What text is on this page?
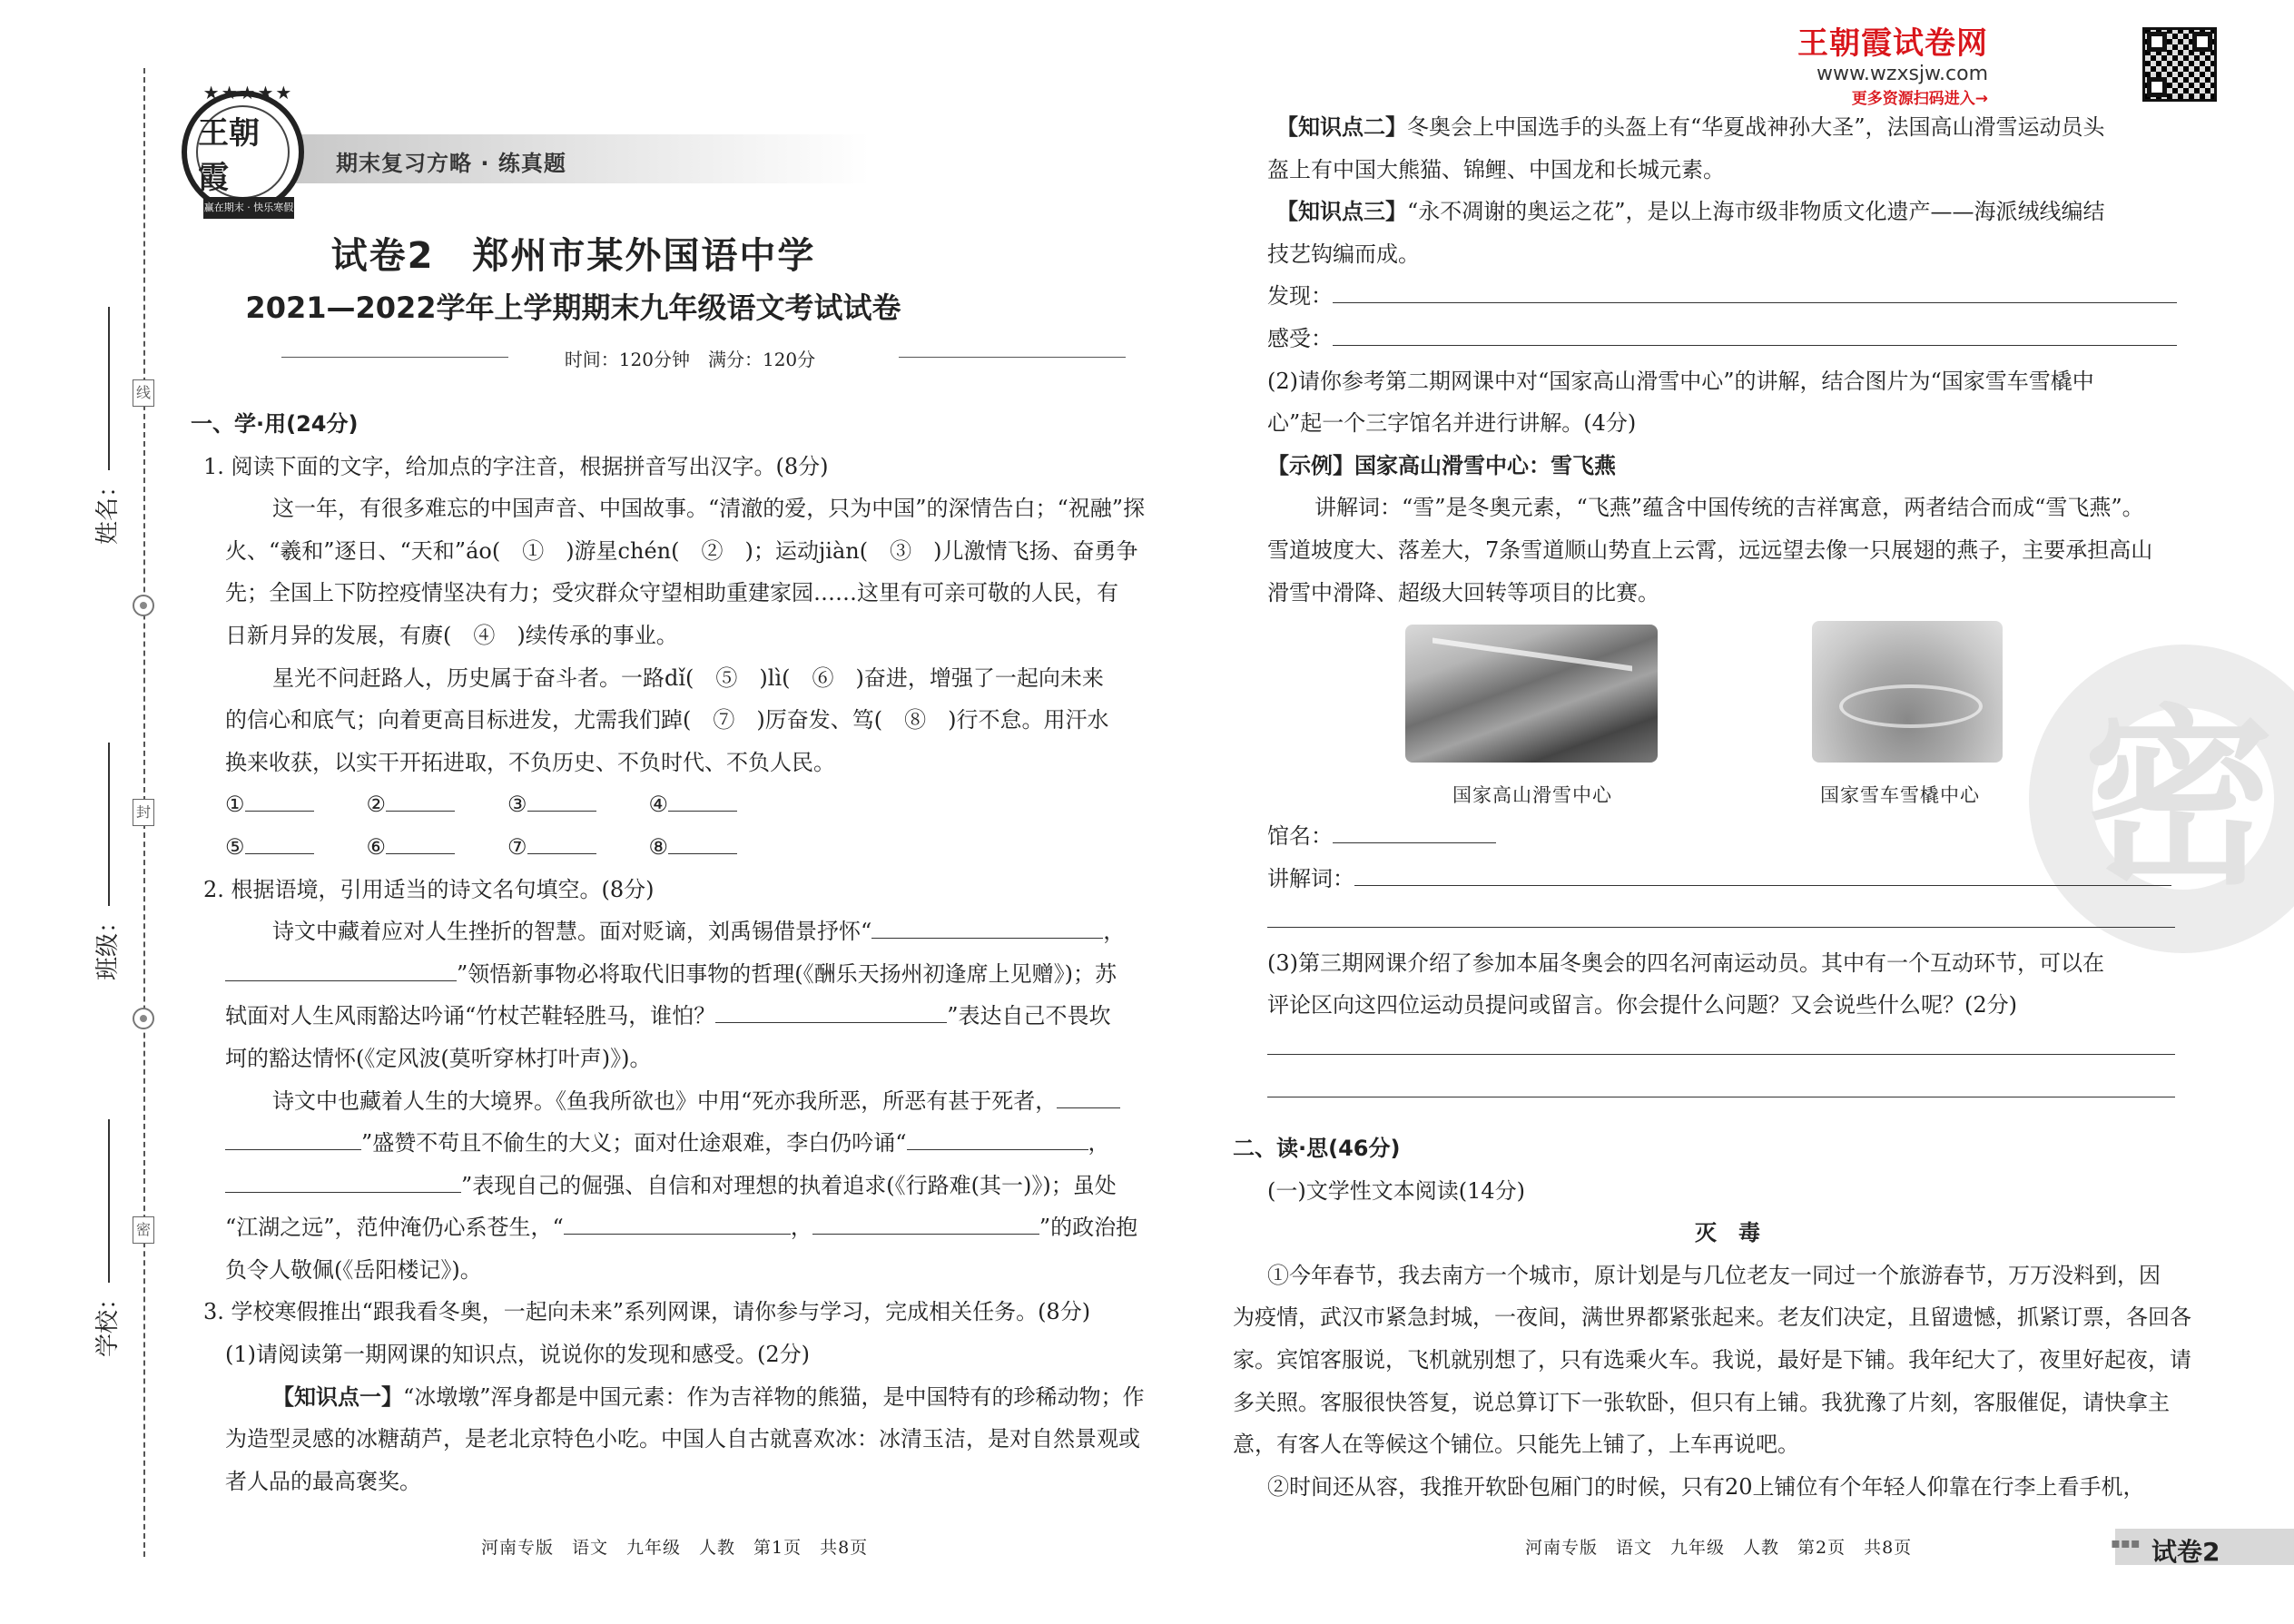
线
封
密
姓名：
班级：
学校：
期末复习方略 · 练真题
★★★★★
王朝霞
赢在期末 · 快乐寒假
试卷2　郑州市某外国语中学
2021—2022学年上学期期末九年级语文考试试卷
时间：120分钟　满分：120分

一、学·用(24分)

1. 阅读下面的文字，给加点的字注音，根据拼音写出汉字。(8分)

这一年，有很多难忘的中国声音、中国故事。“清澈的爱，只为中国”的深情告白；“祝融”探

火、“羲和”逐日、“天和”áo(　①　)游星chén(　②　)；运动jiàn(　③　)儿激情飞扬、奋勇争

先；全国上下防控疫情坚决有力；受灾群众守望相助重建家园……这里有可亲可敬的人民，有

日新月异的发展，有赓(　④　)续传承的事业。

星光不问赶路人，历史属于奋斗者。一路dǐ(　⑤　)lì(　⑥　)奋进，增强了一起向未来

的信心和底气；向着更高目标进发，尤需我们踔(　⑦　)厉奋发、笃(　⑧　)行不怠。用汗水

换来收获，以实干开拓进取，不负历史、不负时代、不负人民。

①	②	③	④

⑤	⑥	⑦	⑧

2. 根据语境，引用适当的诗文名句填空。(8分)

诗文中藏着应对人生挫折的智慧。面对贬谪，刘禹锡借景抒怀“	，

”领悟新事物必将取代旧事物的哲理(《酬乐天扬州初逢席上见赠》)；苏

轼面对人生风雨豁达吟诵“竹杖芒鞋轻胜马，谁怕？	”表达自己不畏坎

坷的豁达情怀(《定风波(莫听穿林打叶声)》)。

诗文中也藏着人生的大境界。《鱼我所欲也》中用“死亦我所恶，所恶有甚于死者，

”盛赞不苟且不偷生的大义；面对仕途艰难，李白仍吟诵“	，

”表现自己的倔强、自信和对理想的执着追求(《行路难(其一)》)；虽处

“江湖之远”，范仲淹仍心系苍生，“	，	”的政治抱

负令人敬佩(《岳阳楼记》)。

3. 学校寒假推出“跟我看冬奥，一起向未来”系列网课，请你参与学习，完成相关任务。(8分)

(1)请阅读第一期网课的知识点，说说你的发现和感受。(2分)

【知识点一】“冰墩墩”浑身都是中国元素：作为吉祥物的熊猫，是中国特有的珍稀动物；作

为造型灵感的冰糖葫芦，是老北京特色小吃。中国人自古就喜欢冰：冰清玉洁，是对自然景观或

者人品的最高褒奖。

河南专版　语文　九年级　人教　第1页　共8页
密
王朝霞试卷网
www.wzxsjw.com
更多资源扫码进入→

【知识点二】冬奥会上中国选手的头盔上有“华夏战神孙大圣”，法国高山滑雪运动员头

盔上有中国大熊猫、锦鲤、中国龙和长城元素。

【知识点三】“永不凋谢的奥运之花”，是以上海市级非物质文化遗产——海派绒线编结

技艺钩编而成。

发现：

感受：

(2)请你参考第二期网课中对“国家高山滑雪中心”的讲解，结合图片为“国家雪车雪橇中

心”起一个三字馆名并进行讲解。(4分)

【示例】国家高山滑雪中心：雪飞燕

讲解词：“雪”是冬奥元素，“飞燕”蕴含中国传统的吉祥寓意，两者结合而成“雪飞燕”。

雪道坡度大、落差大，7条雪道顺山势直上云霄，远远望去像一只展翅的燕子，主要承担高山

滑雪中滑降、超级大回转等项目的比赛。

国家高山滑雪中心	国家雪车雪橇中心

馆名：

讲解词：

(3)第三期网课介绍了参加本届冬奥会的四名河南运动员。其中有一个互动环节，可以在

评论区向这四位运动员提问或留言。你会提什么问题？又会说些什么呢？(2分)

二、读·思(46分)

(一)文学性文本阅读(14分)

灭　毒

①今年春节，我去南方一个城市，原计划是与几位老友一同过一个旅游春节，万万没料到，因

为疫情，武汉市紧急封城，一夜间，满世界都紧张起来。老友们决定，且留遗憾，抓紧订票，各回各

家。宾馆客服说，飞机就别想了，只有选乘火车。我说，最好是下铺。我年纪大了，夜里好起夜，请

多关照。客服很快答复，说总算订下一张软卧，但只有上铺。我犹豫了片刻，客服催促，请快拿主

意，有客人在等候这个铺位。只能先上铺了，上车再说吧。

②时间还从容，我推开软卧包厢门的时候，只有20上铺位有个年轻人仰靠在行李上看手机，

河南专版　语文　九年级　人教　第2页　共8页	试卷2
▪▪▪
